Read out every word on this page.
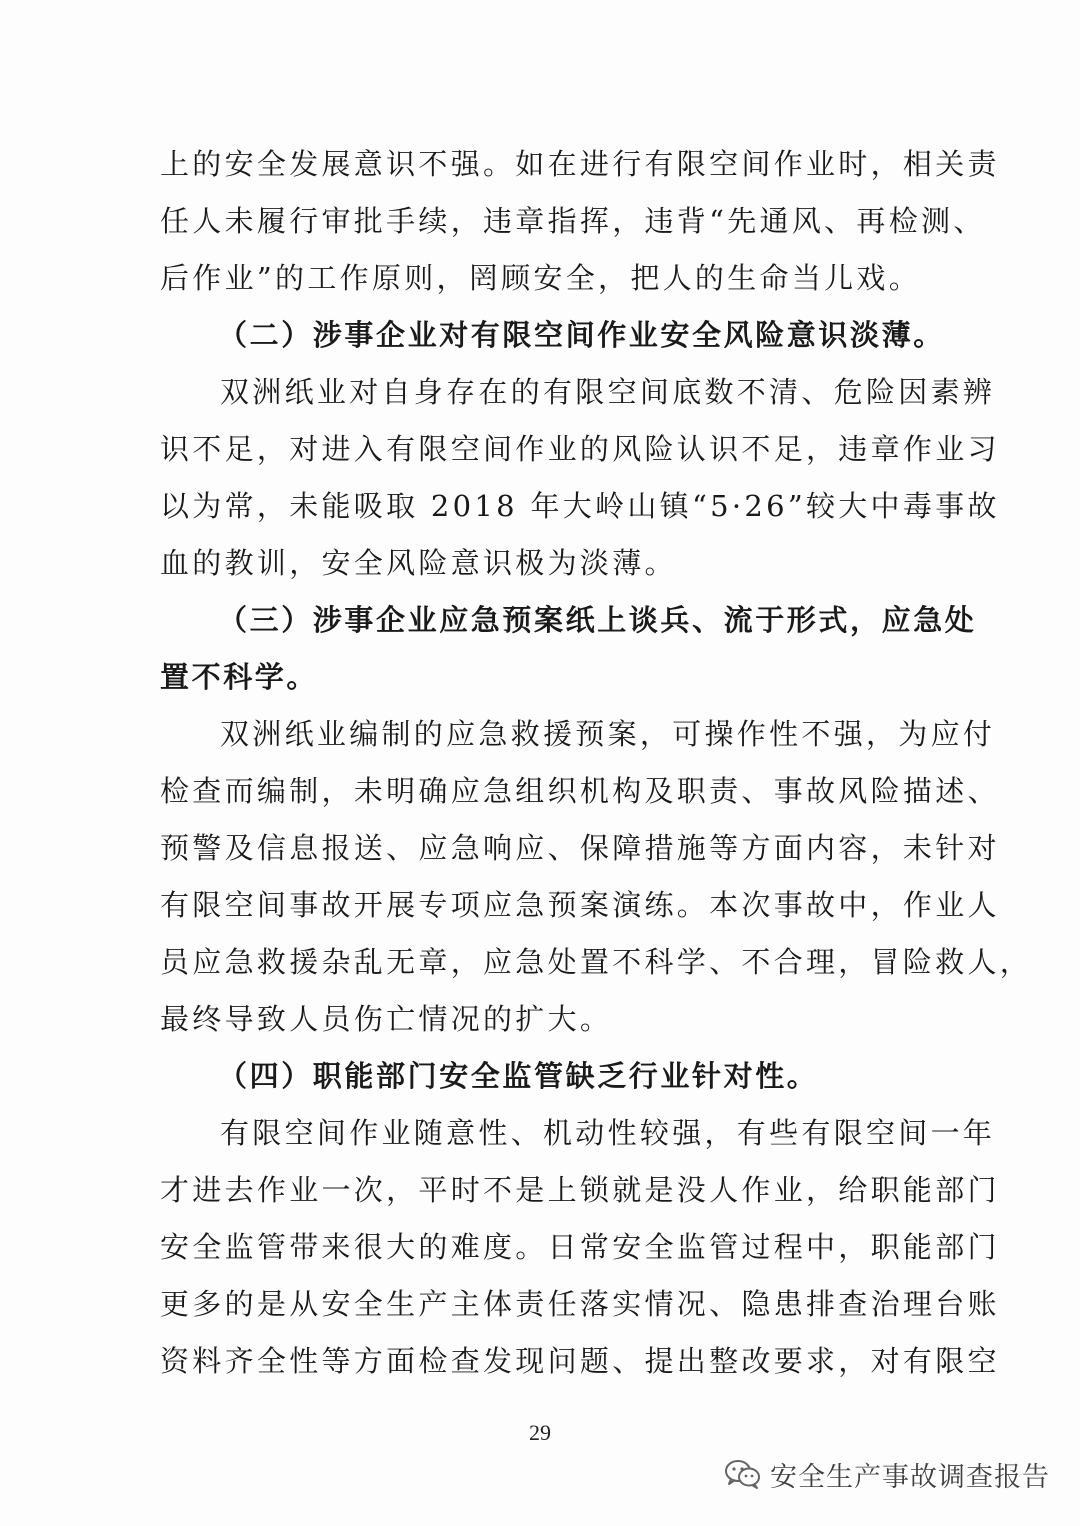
上的安全发展意识不强。如在进行有限空间作业时，相关责
任人未履行审批手续，违章指挥，违背“先通风、再检测、
后作业”的工作原则，罔顾安全，把人的生命当儿戏。
（二）涉事企业对有限空间作业安全风险意识淡薄。
双洲纸业对自身存在的有限空间底数不清、危险因素辨
识不足，对进入有限空间作业的风险认识不足，违章作业习
以为常，未能吸取 2018 年大岭山镇“5·26”较大中毒事故
血的教训，安全风险意识极为淡薄。
（三）涉事企业应急预案纸上谈兵、流于形式，应急处
置不科学。
双洲纸业编制的应急救援预案，可操作性不强，为应付
检查而编制，未明确应急组织机构及职责、事故风险描述、
预警及信息报送、应急响应、保障措施等方面内容，未针对
有限空间事故开展专项应急预案演练。本次事故中，作业人
员应急救援杂乱无章，应急处置不科学、不合理，冒险救人，
最终导致人员伤亡情况的扩大。
（四）职能部门安全监管缺乏行业针对性。
有限空间作业随意性、机动性较强，有些有限空间一年
才进去作业一次，平时不是上锁就是没人作业，给职能部门
安全监管带来很大的难度。日常安全监管过程中，职能部门
更多的是从安全生产主体责任落实情况、隐患排查治理台账
资料齐全性等方面检查发现问题、提出整改要求，对有限空
29
安全生产事故调查报告
